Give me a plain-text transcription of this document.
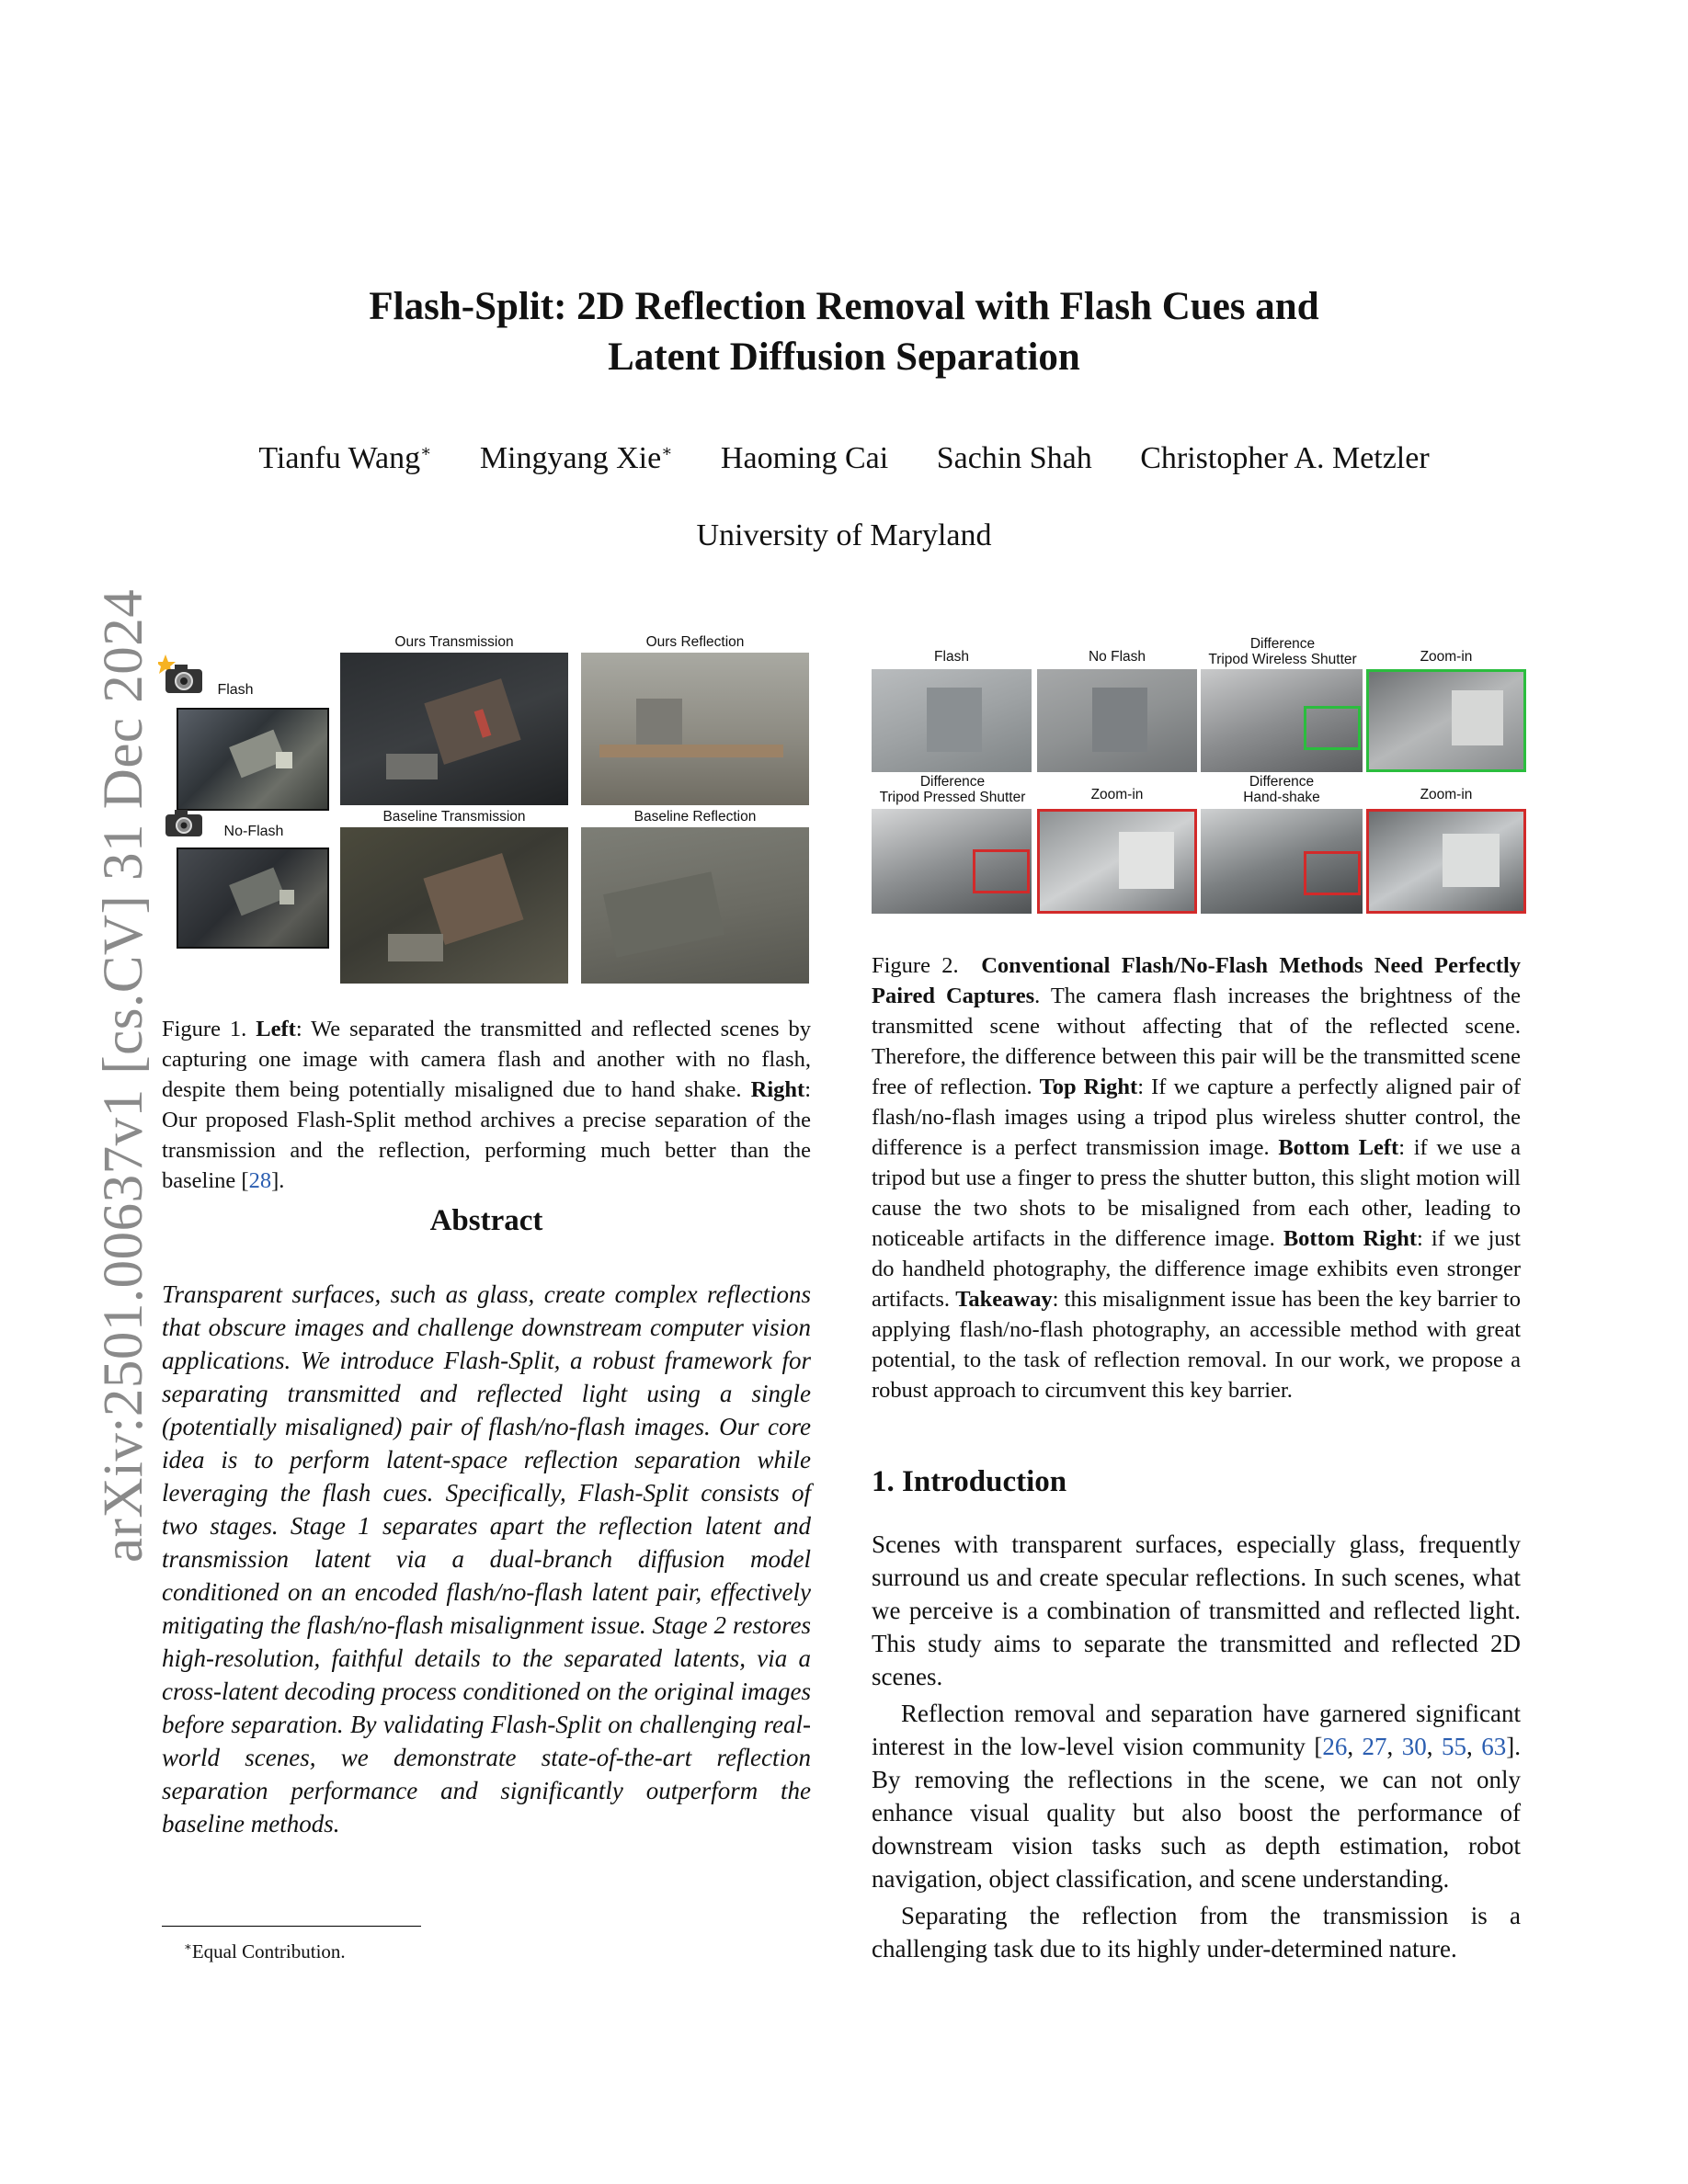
arXiv:2501.00637v1 [cs.CV] 31 Dec 2024
Flash-Split: 2D Reflection Removal with Flash Cues and
Latent Diffusion Separation
Tianfu Wang∗ Mingyang Xie∗ Haoming Cai Sachin Shah Christopher A. Metzler
University of Maryland
Flash
No-Flash
Ours Transmission	Ours Reflection
Baseline Transmission	Baseline Reflection
Figure 1. Left: We separated the transmitted and reflected scenes by capturing one image with camera flash and another with no flash, despite them being potentially misaligned due to hand shake. Right: Our proposed Flash-Split method archives a precise separation of the transmission and the reflection, performing much better than the baseline [28].
Abstract
Transparent surfaces, such as glass, create complex reflections that obscure images and challenge downstream computer vision applications. We introduce Flash-Split, a robust framework for separating transmitted and reflected light using a single (potentially misaligned) pair of flash/no-flash images. Our core idea is to perform latent-space reflection separation while leveraging the flash cues. Specifically, Flash-Split consists of two stages. Stage 1 separates apart the reflection latent and transmission latent via a dual-branch diffusion model conditioned on an encoded flash/no-flash latent pair, effectively mitigating the flash/no-flash misalignment issue. Stage 2 restores high-resolution, faithful details to the separated latents, via a cross-latent decoding process conditioned on the original images before separation. By validating Flash-Split on challenging real-world scenes, we demonstrate state-of-the-art reflection separation performance and significantly outperform the baseline methods.
∗Equal Contribution.
Flash	No Flash
Difference
Tripod Wireless Shutter	Zoom-in
Difference
Tripod Pressed Shutter	Zoom-in
Difference
Hand-shake	Zoom-in
Figure 2. Conventional Flash/No-Flash Methods Need Perfectly Paired Captures. The camera flash increases the brightness of the transmitted scene without affecting that of the reflected scene. Therefore, the difference between this pair will be the transmitted scene free of reflection. Top Right: If we capture a perfectly aligned pair of flash/no-flash images using a tripod plus wireless shutter control, the difference is a perfect transmission image. Bottom Left: if we use a tripod but use a finger to press the shutter button, this slight motion will cause the two shots to be misaligned from each other, leading to noticeable artifacts in the difference image. Bottom Right: if we just do handheld photography, the difference image exhibits even stronger artifacts. Takeaway: this misalignment issue has been the key barrier to applying flash/no-flash photography, an accessible method with great potential, to the task of reflection removal. In our work, we propose a robust approach to circumvent this key barrier.
1. Introduction
Scenes with transparent surfaces, especially glass, frequently surround us and create specular reflections. In such scenes, what we perceive is a combination of transmitted and reflected light. This study aims to separate the transmitted and reflected 2D scenes.
Reflection removal and separation have garnered significant interest in the low-level vision community [26, 27, 30, 55, 63]. By removing the reflections in the scene, we can not only enhance visual quality but also boost the performance of downstream vision tasks such as depth estimation, robot navigation, object classification, and scene understanding.
Separating the reflection from the transmission is a challenging task due to its highly under-determined nature.
